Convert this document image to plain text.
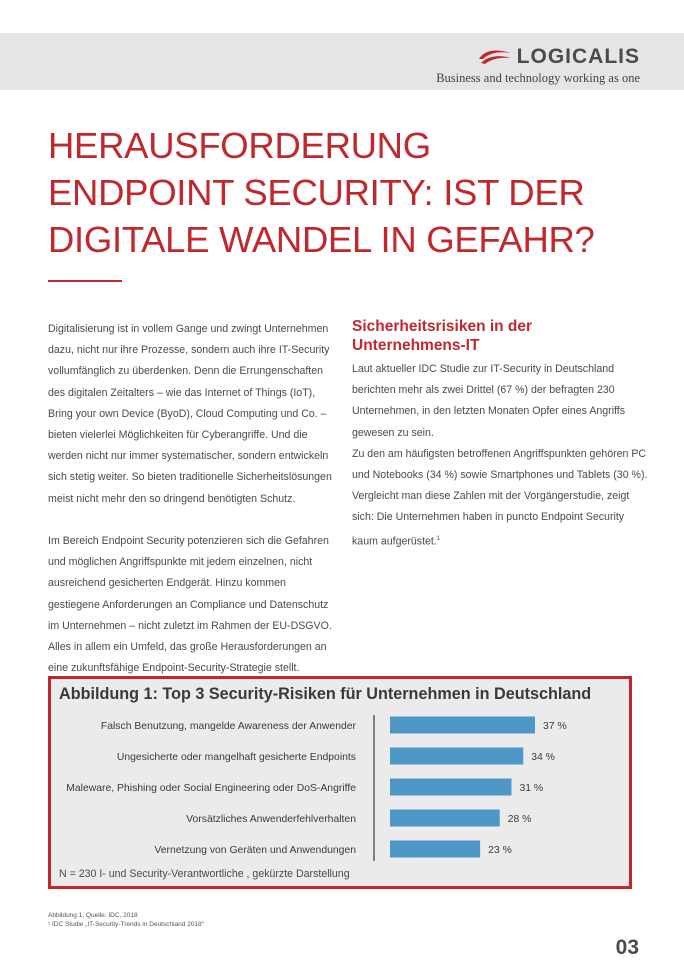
LOGICALIS
Business and technology working as one
HERAUSFORDERUNG
ENDPOINT SECURITY: IST DER
DIGITALE WANDEL IN GEFAHR?

Digitalisierung ist in vollem Gange und zwingt Unternehmen dazu, nicht nur ihre Prozesse, sondern auch ihre IT-Security vollumfänglich zu überdenken. Denn die Errungenschaften des digitalen Zeitalters – wie das Internet of Things (IoT), Bring your own Device (ByoD), Cloud Computing und Co. – bieten vielerlei Möglichkeiten für Cyberangriffe. Und die werden nicht nur immer systematischer, sondern entwickeln sich stetig weiter. So bieten traditionelle Sicherheitslösungen meist nicht mehr den so dringend benötigten Schutz.

Im Bereich Endpoint Security potenzieren sich die Gefahren und möglichen Angriffspunkte mit jedem einzelnen, nicht ausreichend gesicherten Endgerät. Hinzu kommen gestiegene Anforderungen an Compliance und Datenschutz im Unternehmen – nicht zuletzt im Rahmen der EU-DSGVO. Alles in allem ein Umfeld, das große Herausforderungen an eine zukunftsfähige Endpoint-Security-Strategie stellt.

Sicherheitsrisiken in der
Unternehmens-IT

Laut aktueller IDC Studie zur IT-Security in Deutschland berichten mehr als zwei Drittel (67 %) der befragten 230 Unternehmen, in den letzten Monaten Opfer eines Angriffs gewesen zu sein.

Zu den am häufigsten betroffenen Angriffspunkten gehören PC und Notebooks (34 %) sowie Smartphones und Tablets (30 %). Vergleicht man diese Zahlen mit der Vorgängerstudie, zeigt sich: Die Unternehmen haben in puncto Endpoint Security kaum aufgerüstet.$^1$

Abbildung 1: Top 3 Security-Risiken für Unternehmen in Deutschland
Falsch Benutzung, mangelde Awareness der Anwender	37 %
Ungesicherte oder mangelhaft gesicherte Endpoints	34 %
Maleware, Phishing oder Social Engineering oder DoS-Angriffe	31 %
Vorsätzliches Anwenderfehlverhalten	28 %
Vernetzung von Geräten und Anwendungen	23 %
N = 230 I- und Security-Verantwortliche , gekürzte Darstellung
Abbildung 1, Quelle: IDC, 2018
¹ IDC Studie „IT-Security-Trends in Deutschland 2018“
03
